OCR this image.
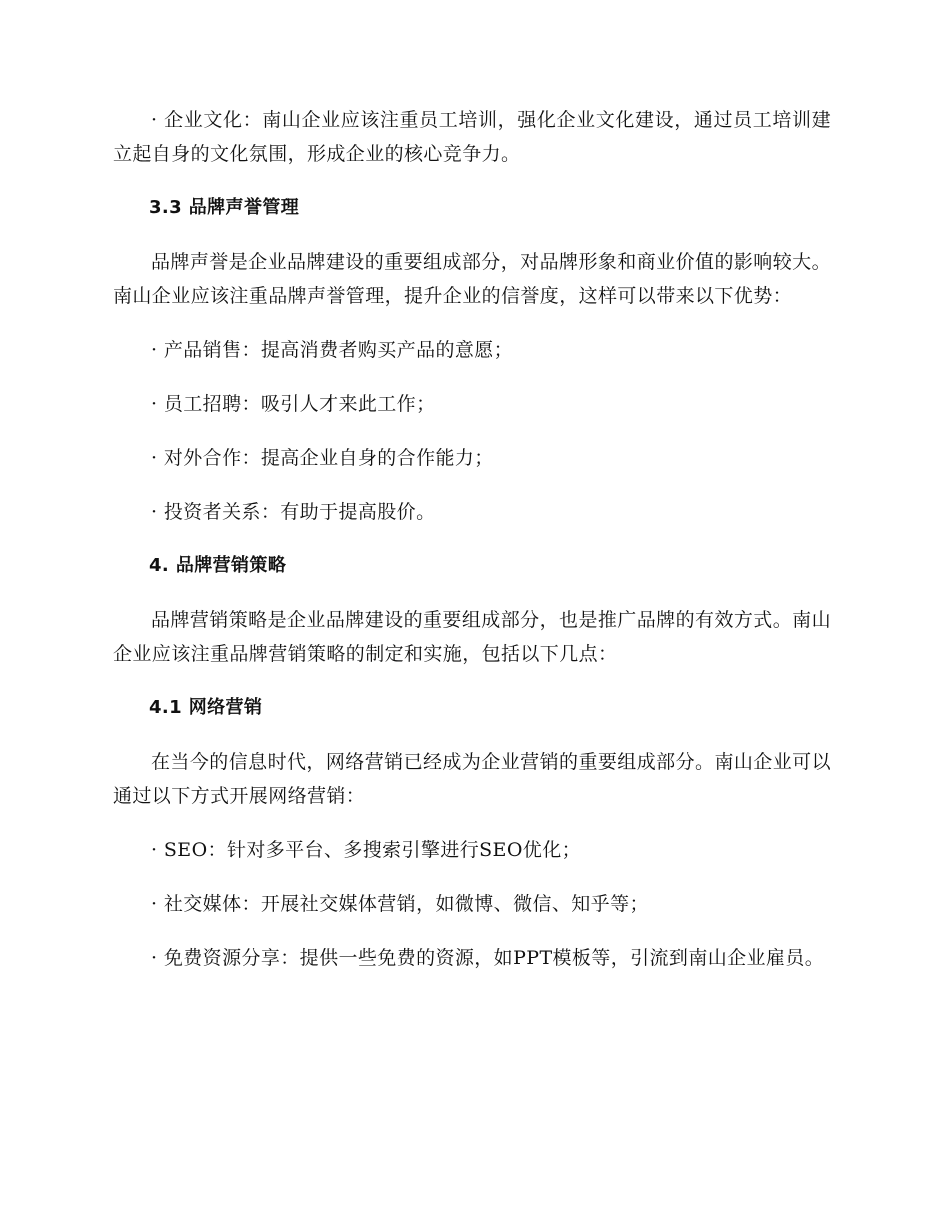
· 企业文化：南山企业应该注重员工培训，强化企业文化建设，通过员工培训建立起自身的文化氛围，形成企业的核心竞争力。

3.3 品牌声誉管理

品牌声誉是企业品牌建设的重要组成部分，对品牌形象和商业价值的影响较大。南山企业应该注重品牌声誉管理，提升企业的信誉度，这样可以带来以下优势：

· 产品销售：提高消费者购买产品的意愿；

· 员工招聘：吸引人才来此工作；

· 对外合作：提高企业自身的合作能力；

· 投资者关系：有助于提高股价。

4. 品牌营销策略

品牌营销策略是企业品牌建设的重要组成部分，也是推广品牌的有效方式。南山企业应该注重品牌营销策略的制定和实施，包括以下几点：

4.1 网络营销

在当今的信息时代，网络营销已经成为企业营销的重要组成部分。南山企业可以通过以下方式开展网络营销：

· SEO：针对多平台、多搜索引擎进行SEO优化；

· 社交媒体：开展社交媒体营销，如微博、微信、知乎等；

· 免费资源分享：提供一些免费的资源，如PPT模板等，引流到南山企业雇员。
